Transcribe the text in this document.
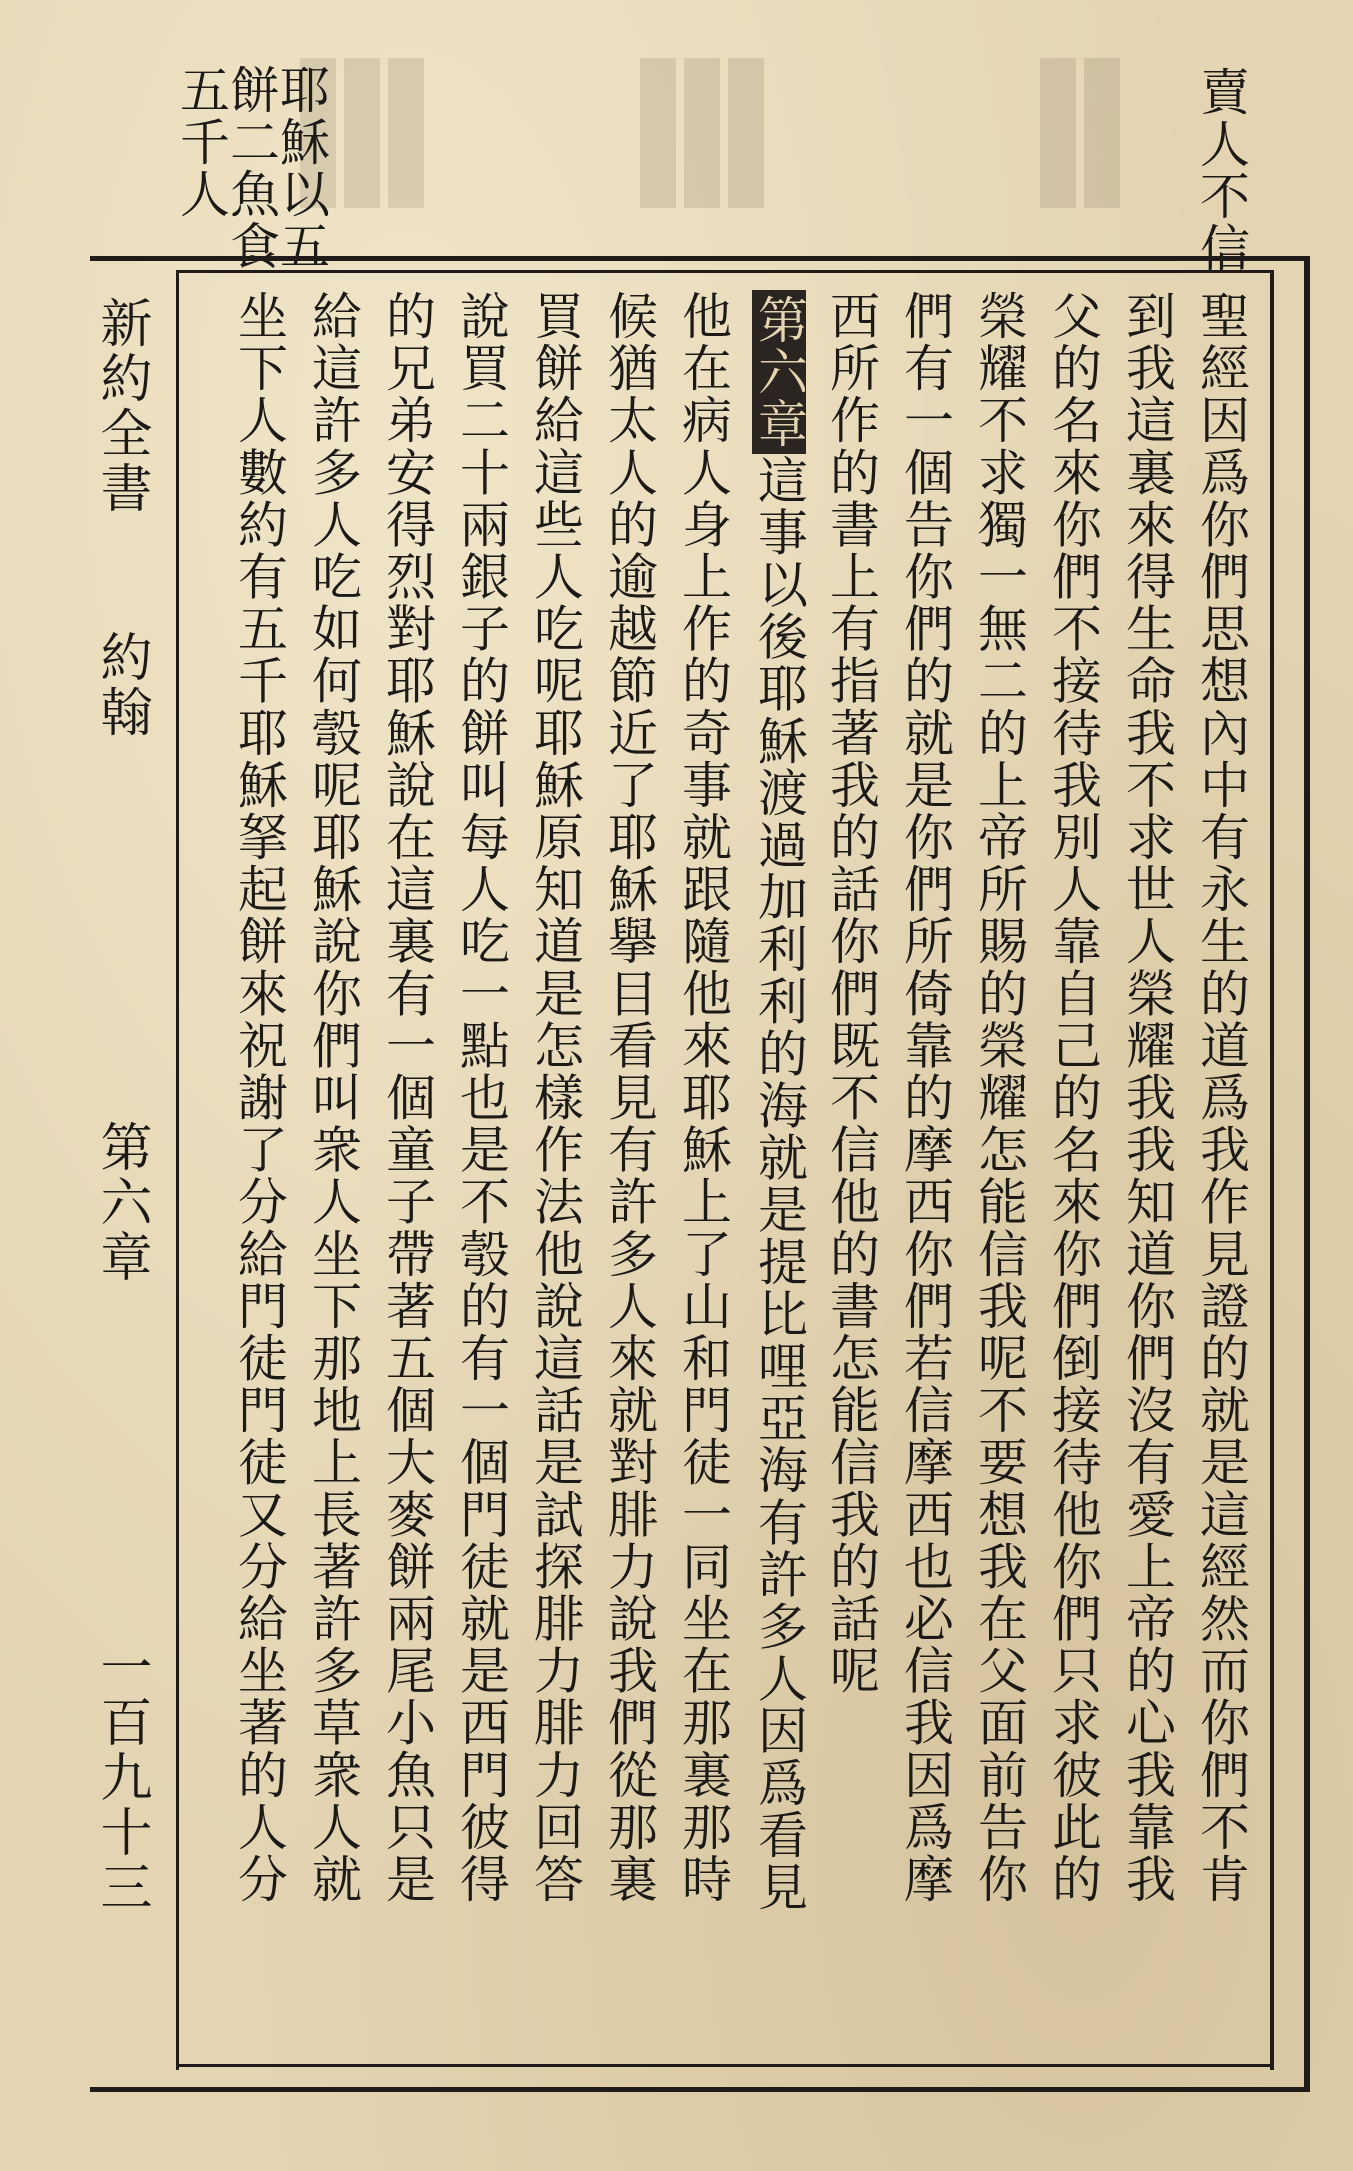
賣人不信
耶穌以五
餅二魚食
五千人
聖經因爲你們思想內中有永生的道爲我作見證的就是這經然而你們不肯
到我這裏來得生命我不求世人榮耀我我知道你們沒有愛上帝的心我靠我
父的名來你們不接待我別人靠自己的名來你們倒接待他你們只求彼此的
榮耀不求獨一無二的上帝所賜的榮耀怎能信我呢不要想我在父面前告你
們有一個告你們的就是你們所倚靠的摩西你們若信摩西也必信我因爲摩
西所作的書上有指著我的話你們既不信他的書怎能信我的話呢
第六章這事以後耶穌渡過加利利的海就是提比哩亞海有許多人因爲看見
他在病人身上作的奇事就跟隨他來耶穌上了山和門徒一同坐在那裏那時
候猶太人的逾越節近了耶穌擧目看見有許多人來就對腓力說我們從那裏
買餅給這些人吃呢耶穌原知道是怎樣作法他說這話是試探腓力腓力回答
說買二十兩銀子的餅叫每人吃一點也是不彀的有一個門徒就是西門彼得
的兄弟安得烈對耶穌說在這裏有一個童子帶著五個大麥餅兩尾小魚只是
給這許多人吃如何彀呢耶穌說你們叫衆人坐下那地上長著許多草衆人就
坐下人數約有五千耶穌拏起餅來祝謝了分給門徒門徒又分給坐著的人分
新約全書
約翰
第六章
一百九十三
